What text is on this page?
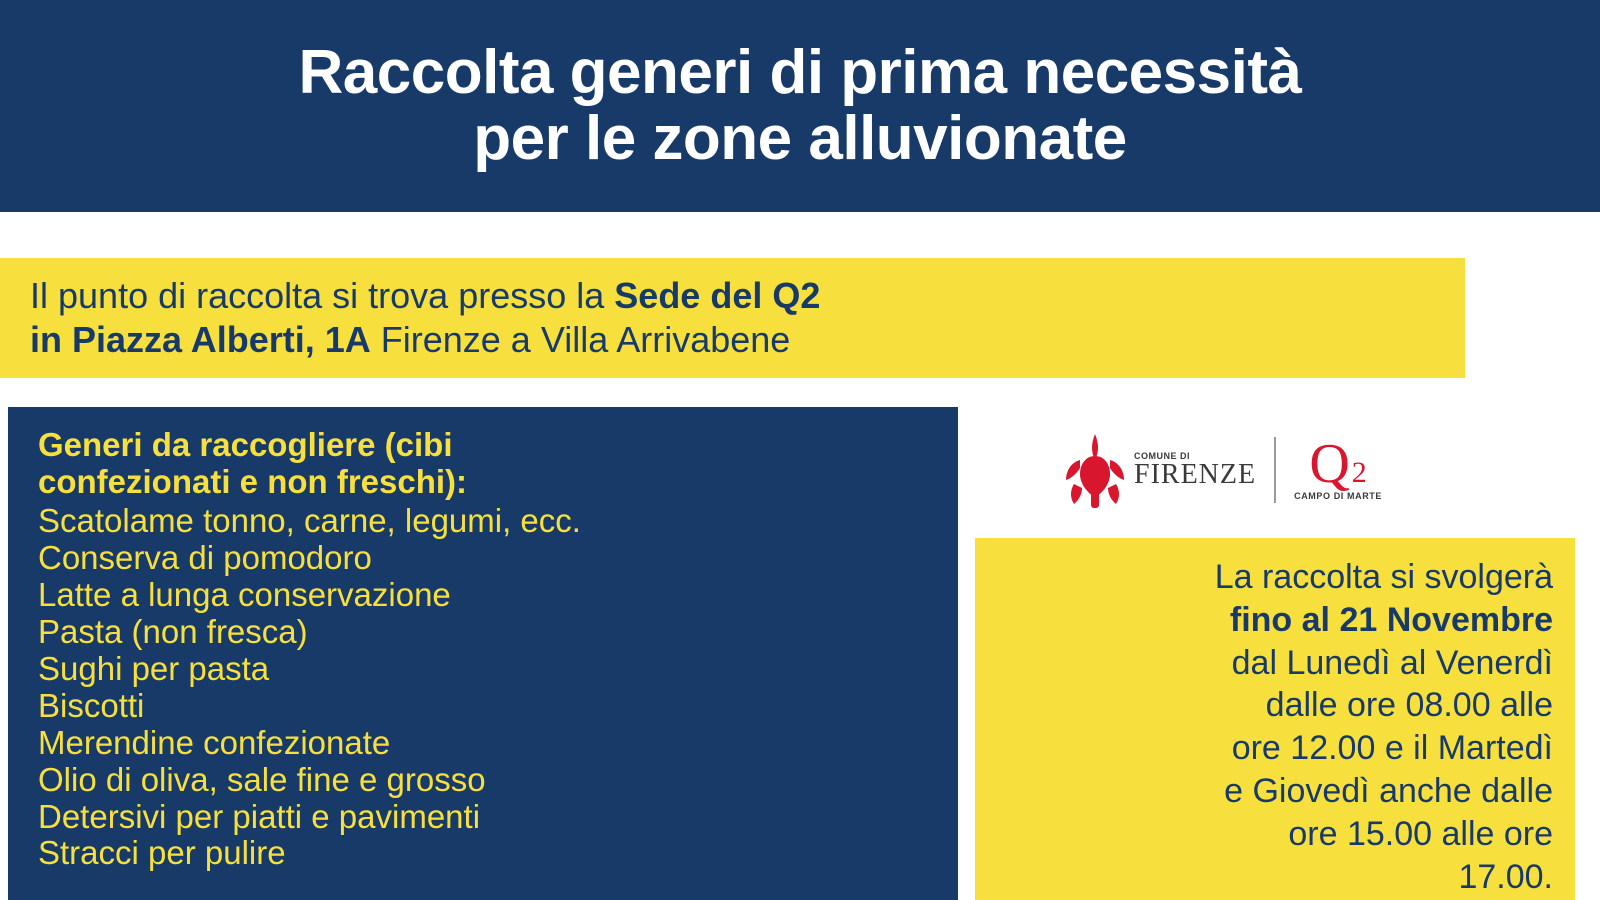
Raccolta generi di prima necessità
per le zone alluvionate
Il punto di raccolta si trova presso la Sede del Q2
in Piazza Alberti, 1A Firenze a Villa Arrivabene
Generi da raccogliere (cibi
confezionati e non freschi):
Scatolame tonno, carne, legumi, ecc.
Conserva di pomodoro
Latte a lunga conservazione
Pasta (non fresca)
Sughi per pasta
Biscotti
Merendine confezionate
Olio di oliva, sale fine e grosso
Detersivi per piatti e pavimenti
Stracci per pulire
COMUNE DI
FIRENZE Q 2
CAMPO DI MARTE
La raccolta si svolgerà
fino al 21 Novembre
dal Lunedì al Venerdì
dalle ore 08.00 alle
ore 12.00 e il Martedì
e Giovedì anche dalle
ore 15.00 alle ore
17.00.
